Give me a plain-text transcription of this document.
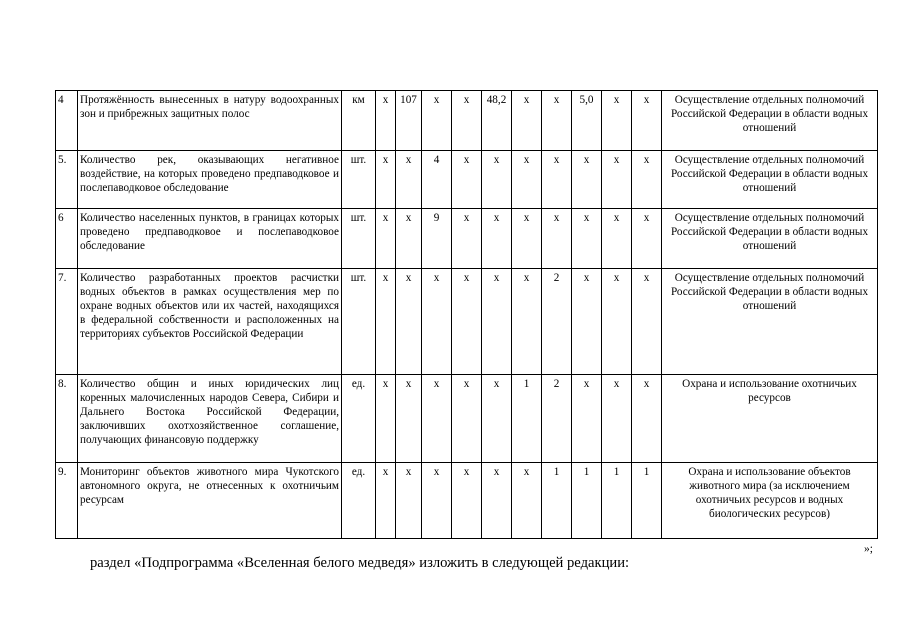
4	Протяжённость вынесенных в натуру водоохранных зон и прибрежных защитных полос	км	x	107	x	x	48,2	x	x	5,0	x	x	Осуществление отдельных полномочий Российской Федерации в области водных отношений
5.	Количество рек, оказывающих негативное воздействие, на которых проведено предпаводковое и послепаводковое обследование	шт.	x	x	4	x	x	x	x	x	x	x	Осуществление отдельных полномочий Российской Федерации в области водных отношений
6	Количество населенных пунктов, в границах которых проведено предпаводковое и послепаводковое обследование	шт.	x	x	9	x	x	x	x	x	x	x	Осуществление отдельных полномочий Российской Федерации в области водных отношений
7.	Количество разработанных проектов расчистки водных объектов в рамках осуществления мер по охране водных объектов или их частей, находящихся в федеральной собственности и расположенных на территориях субъектов Российской Федерации	шт.	x	x	x	x	x	x	2	x	x	x	Осуществление отдельных полномочий Российской Федерации в области водных отношений
8.	Количество общин и иных юридических лиц коренных малочисленных народов Севера, Сибири и Дальнего Востока Российской Федерации, заключивших охотхозяйственное соглашение, получающих финансовую поддержку	ед.	x	x	x	x	x	1	2	x	x	x	Охрана и использование охотничьих ресурсов
9.	Мониторинг объектов животного мира Чукотского автономного округа, не отнесенных к охотничьим ресурсам	ед.	x	x	x	x	x	x	1	1	1	1	Охрана и использование объектов животного мира (за исключением охотничьих ресурсов и водных биологических ресурсов)
»;
раздел «Подпрограмма «Вселенная белого медведя» изложить в следующей редакции:
